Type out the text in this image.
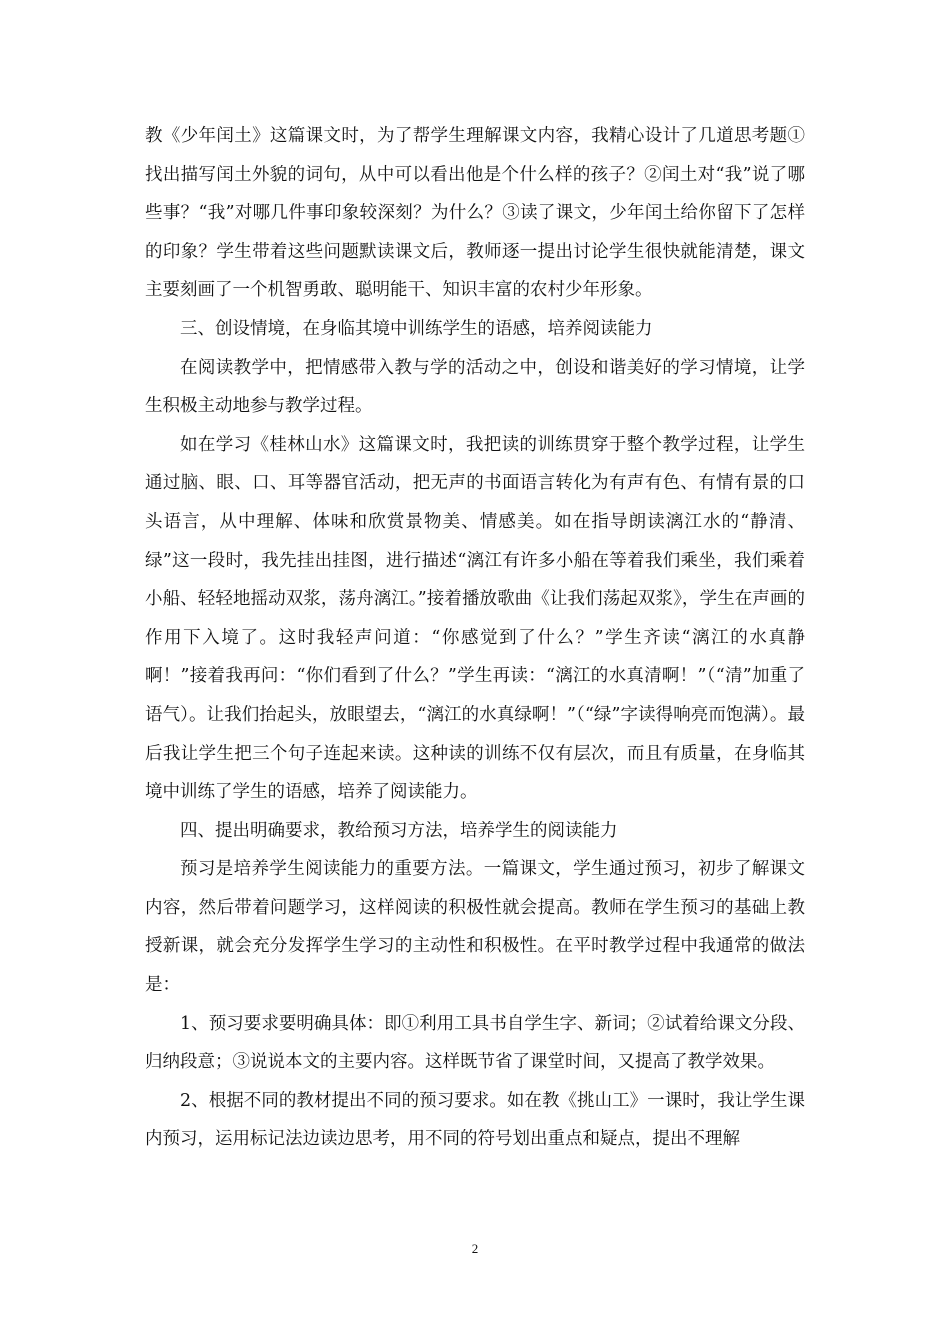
教《少年闰土》这篇课文时，为了帮学生理解课文内容，我精心设计了几道思考题①找出描写闰土外貌的词句，从中可以看出他是个什么样的孩子？②闰土对“我”说了哪些事？“我”对哪几件事印象较深刻？为什么？③读了课文，少年闰土给你留下了怎样的印象？学生带着这些问题默读课文后，教师逐一提出讨论学生很快就能清楚，课文主要刻画了一个机智勇敢、聪明能干、知识丰富的农村少年形象。

三、创设情境，在身临其境中训练学生的语感，培养阅读能力

在阅读教学中，把情感带入教与学的活动之中，创设和谐美好的学习情境，让学生积极主动地参与教学过程。

如在学习《桂林山水》这篇课文时，我把读的训练贯穿于整个教学过程，让学生通过脑、眼、口、耳等器官活动，把无声的书面语言转化为有声有色、有情有景的口头语言，从中理解、体味和欣赏景物美、情感美。如在指导朗读漓江水的“静清、绿”这一段时，我先挂出挂图，进行描述“漓江有许多小船在等着我们乘坐，我们乘着小船、轻轻地摇动双浆，荡舟漓江。”接着播放歌曲《让我们荡起双浆》，学生在声画的作用下入境了。这时我轻声问道：“你感觉到了什么？”学生齐读“漓江的水真静啊！”接着我再问：“你们看到了什么？”学生再读：“漓江的水真清啊！”（“清”加重了语气）。让我们抬起头，放眼望去，“漓江的水真绿啊！”（“绿”字读得响亮而饱满）。最后我让学生把三个句子连起来读。这种读的训练不仅有层次，而且有质量，在身临其境中训练了学生的语感，培养了阅读能力。

四、提出明确要求，教给预习方法，培养学生的阅读能力

预习是培养学生阅读能力的重要方法。一篇课文，学生通过预习，初步了解课文内容，然后带着问题学习，这样阅读的积极性就会提高。教师在学生预习的基础上教授新课，就会充分发挥学生学习的主动性和积极性。在平时教学过程中我通常的做法是：

1、预习要求要明确具体：即①利用工具书自学生字、新词；②试着给课文分段、归纳段意；③说说本文的主要内容。这样既节省了课堂时间，又提高了教学效果。

2、根据不同的教材提出不同的预习要求。如在教《挑山工》一课时，我让学生课内预习，运用标记法边读边思考，用不同的符号划出重点和疑点，提出不理解

2
